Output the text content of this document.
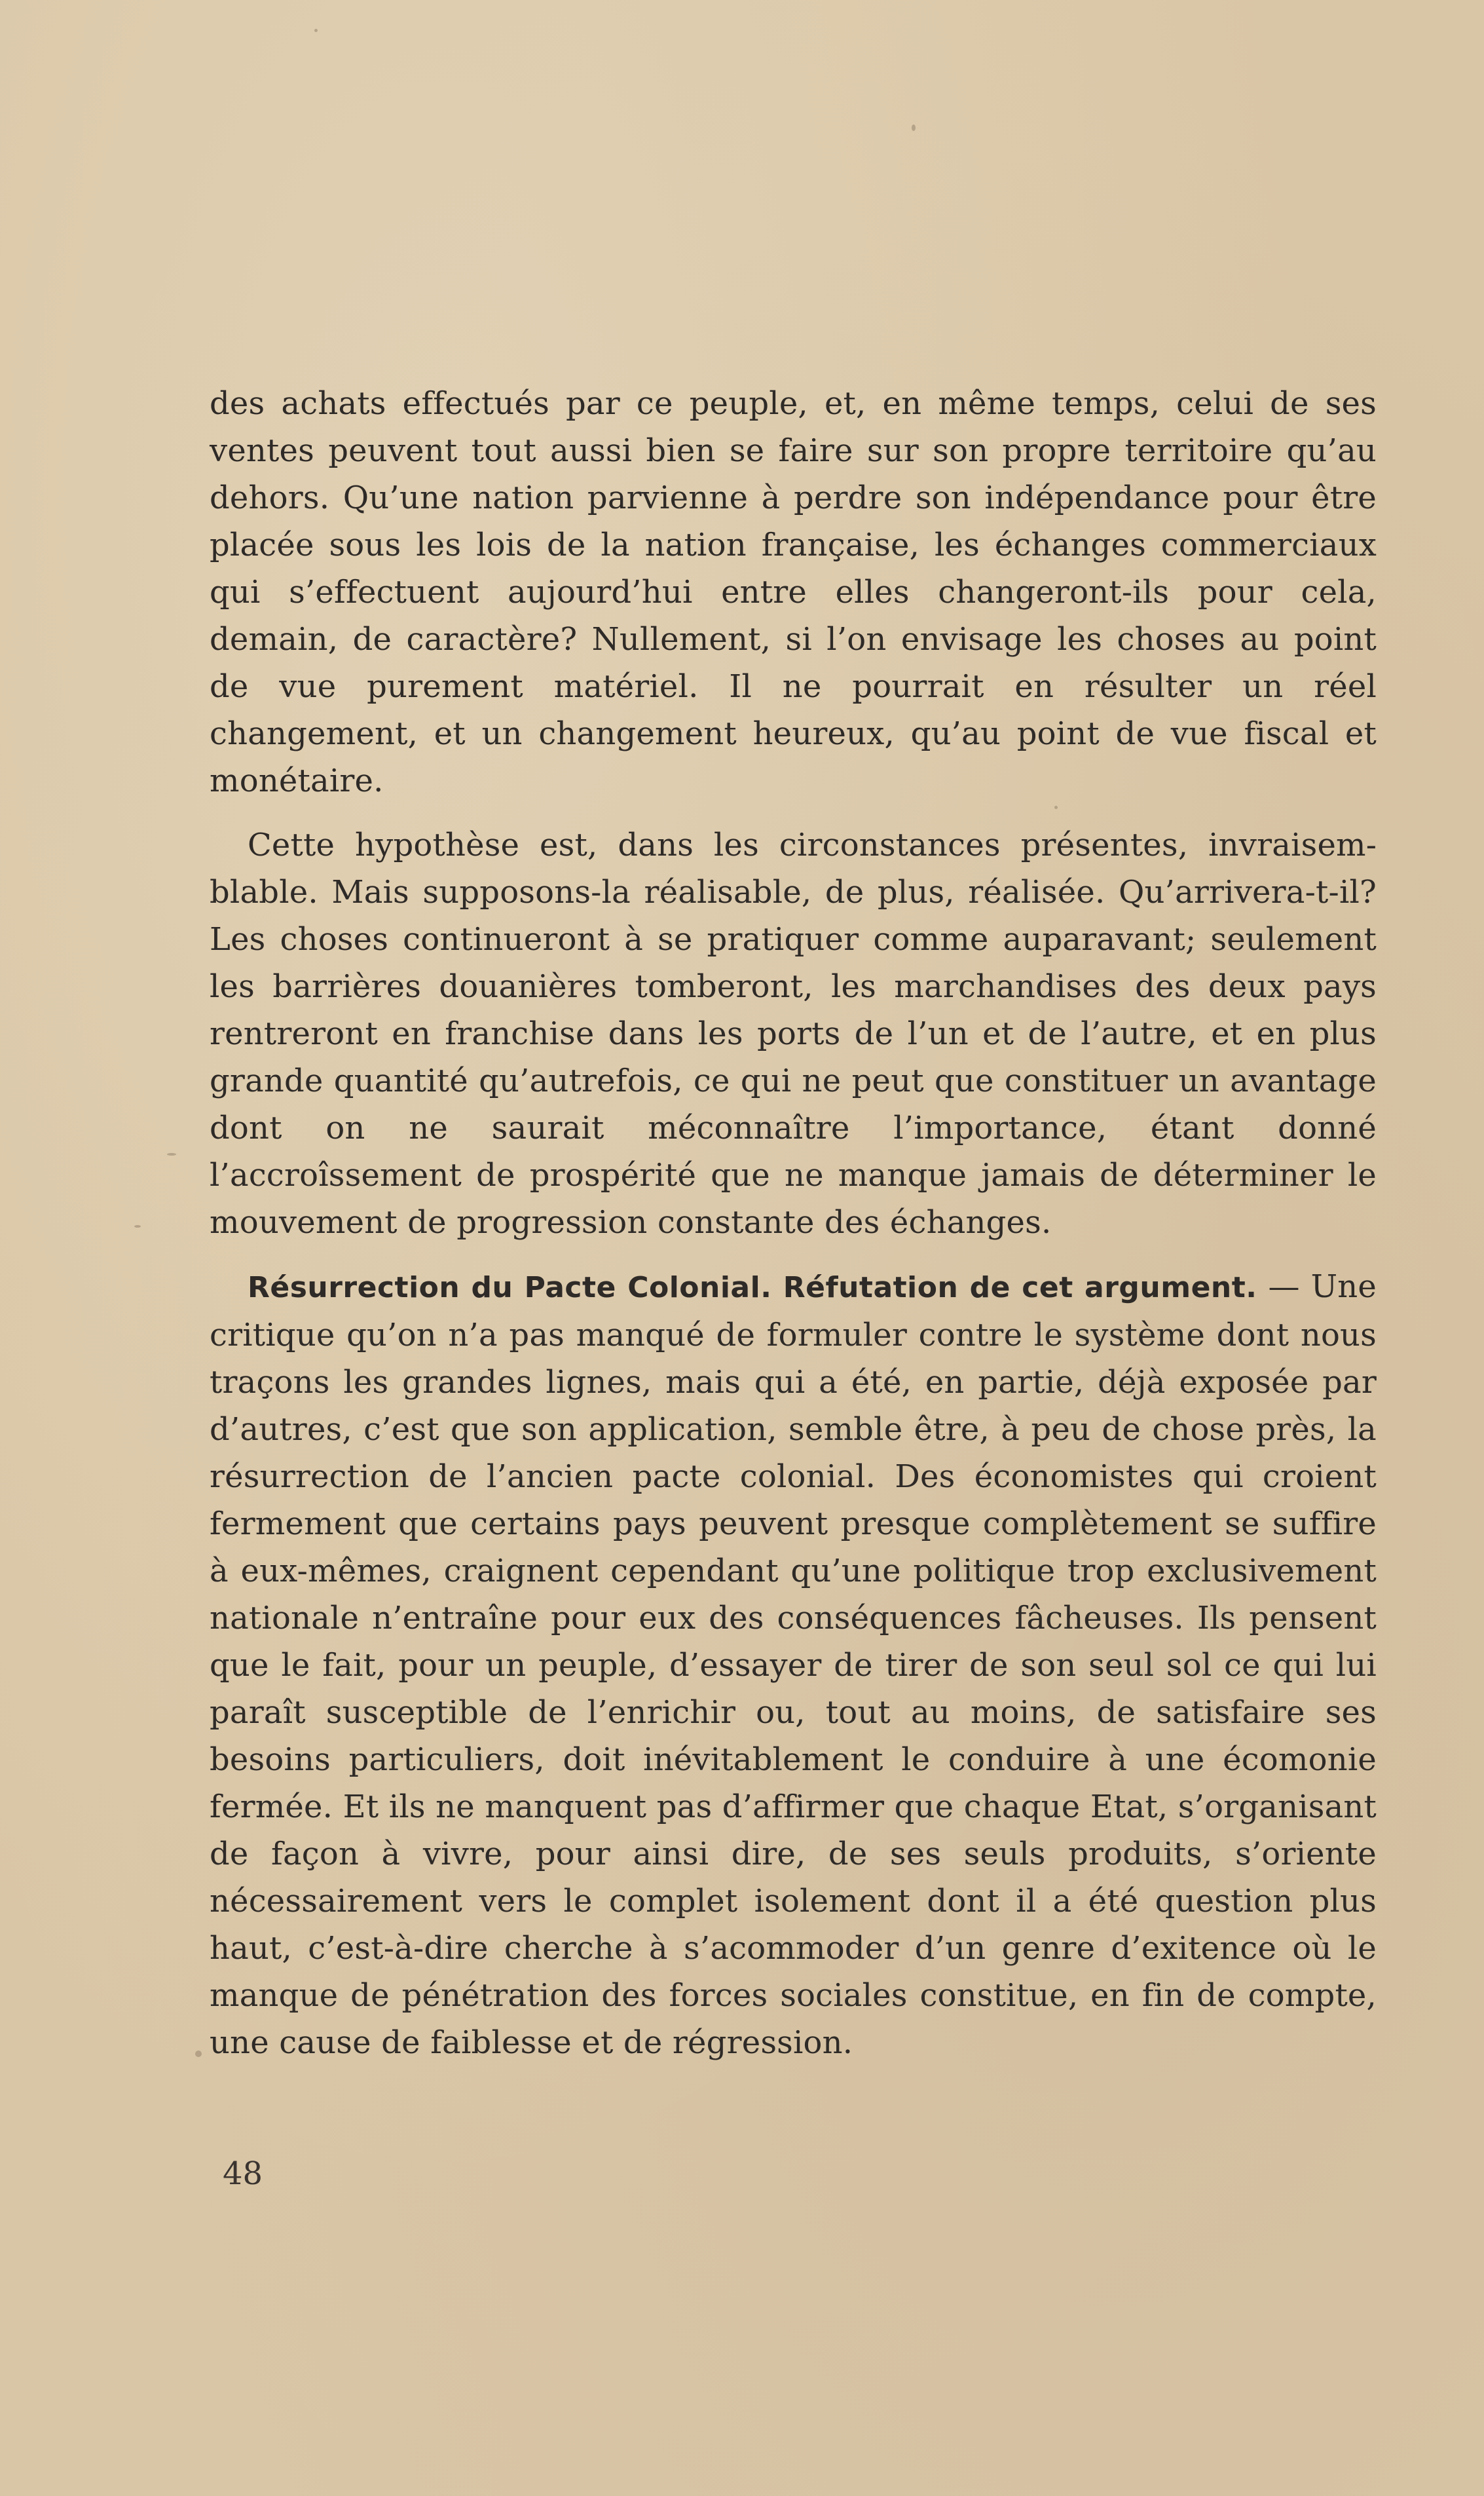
des achats effectués par ce peuple, et, en même temps, celui de ses ventes peuvent tout aussi bien se faire sur son propre territoire qu’au dehors. Qu’une nation parvienne à perdre son indépendance pour être placée sous les lois de la nation française, les échanges commerciaux qui s’effectuent aujourd’hui entre elles changeront-ils pour cela, demain, de caractère? Nullement, si l’on envisage les choses au point de vue purement matériel. Il ne pourrait en résulter un réel changement, et un changement heureux, qu’au point de vue fiscal et monétaire.

Cette hypothèse est, dans les circonstances présentes, invraisemblable. Mais supposons-la réalisable, de plus, réalisée. Qu’arrivera-t-il? Les choses continueront à se pratiquer comme auparavant; seulement les barrières douanières tomberont, les marchandises des deux pays rentreront en franchise dans les ports de l’un et de l’autre, et en plus grande quantité qu’autrefois, ce qui ne peut que constituer un avantage dont on ne saurait méconnaître l’importance, étant donné l’accroîssement de prospérité que ne manque jamais de déterminer le mouvement de progression constante des échanges.

Résurrection du Pacte Colonial. Réfutation de cet argument. — Une critique qu’on n’a pas manqué de formuler contre le système dont nous traçons les grandes lignes, mais qui a été, en partie, déjà exposée par d’autres, c’est que son application, semble être, à peu de chose près, la résurrection de l’ancien pacte colonial. Des économistes qui croient fermement que certains pays peuvent presque complètement se suffire à eux-mêmes, craignent cependant qu’une politique trop exclusivement nationale n’entraîne pour eux des conséquences fâcheuses. Ils pensent que le fait, pour un peuple, d’essayer de tirer de son seul sol ce qui lui paraît susceptible de l’enrichir ou, tout au moins, de satisfaire ses besoins particuliers, doit inévitablement le conduire à une écomonie fermée. Et ils ne manquent pas d’affirmer que chaque Etat, s’organisant de façon à vivre, pour ainsi dire, de ses seuls produits, s’oriente nécessairement vers le complet isolement dont il a été question plus haut, c’est-à-dire cherche à s’acommoder d’un genre d’exitence où le manque de pénétration des forces sociales constitue, en fin de compte, une cause de faiblesse et de régression.

48
